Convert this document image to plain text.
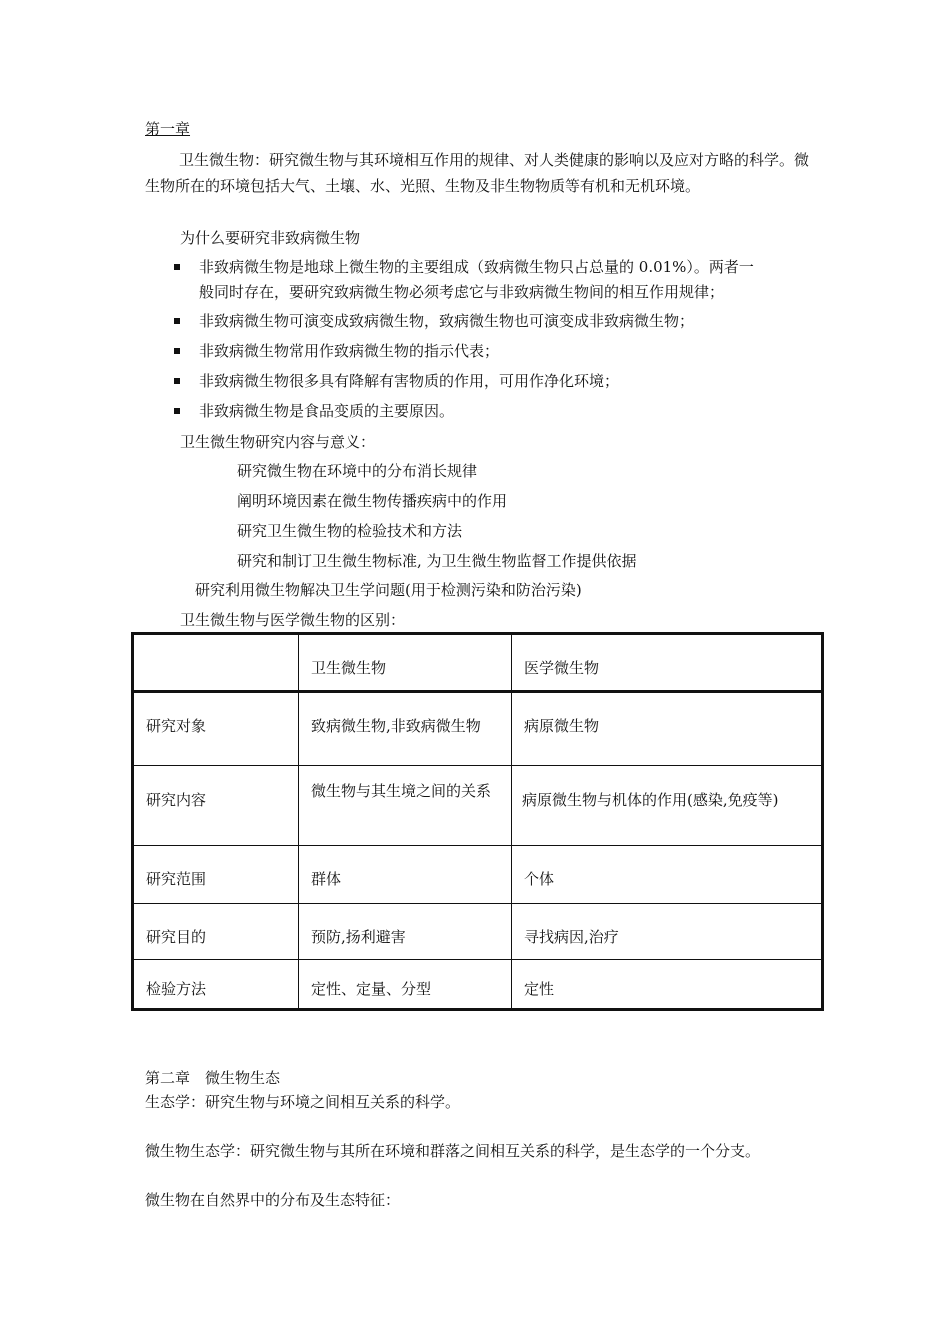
第一章
卫生微生物：研究微生物与其环境相互作用的规律、对人类健康的影响以及应对方略的科学。微生物所在的环境包括大气、土壤、水、光照、生物及非生物物质等有机和无机环境。
为什么要研究非致病微生物
非致病微生物是地球上微生物的主要组成（致病微生物只占总量的 0.01%）。两者一
般同时存在，要研究致病微生物必须考虑它与非致病微生物间的相互作用规律；
非致病微生物可演变成致病微生物，致病微生物也可演变成非致病微生物；
非致病微生物常用作致病微生物的指示代表；
非致病微生物很多具有降解有害物质的作用，可用作净化环境；
非致病微生物是食品变质的主要原因。
卫生微生物研究内容与意义：
研究微生物在环境中的分布消长规律
阐明环境因素在微生物传播疾病中的作用
研究卫生微生物的检验技术和方法
研究和制订卫生微生物标准, 为卫生微生物监督工作提供依据
研究利用微生物解决卫生学问题(用于检测污染和防治污染)
卫生微生物与医学微生物的区别：
	卫生微生物	医学微生物
研究对象	致病微生物,非致病微生物	病原微生物
研究内容	微生物与其生境之间的关系	病原微生物与机体的作用(感染,免疫等)
研究范围	群体	个体
研究目的	预防,扬利避害	寻找病因,治疗
检验方法	定性、定量、分型	定性
第二章　微生物生态
生态学：研究生物与环境之间相互关系的科学。
微生物生态学：研究微生物与其所在环境和群落之间相互关系的科学，是生态学的一个分支。
微生物在自然界中的分布及生态特征：
